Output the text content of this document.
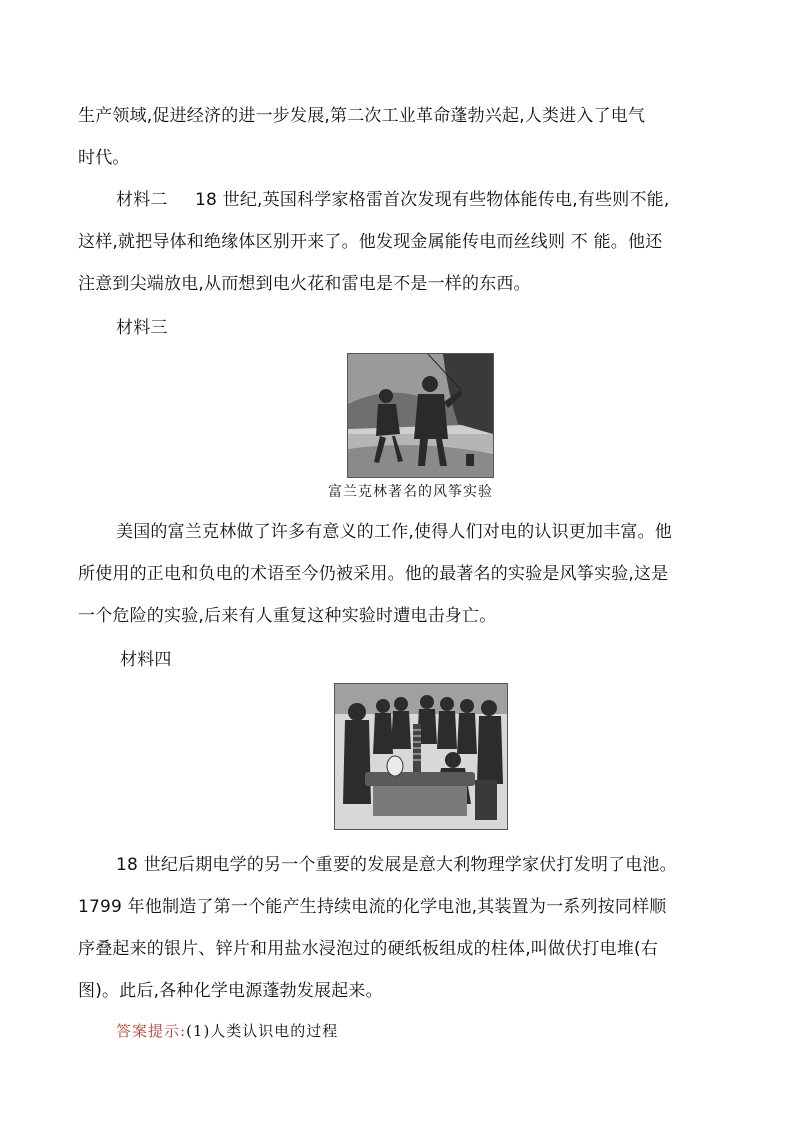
生产领域,促进经济的进一步发展,第二次工业革命蓬勃兴起,人类进入了电气
时代。
材料二 18 世纪,英国科学家格雷首次发现有些物体能传电,有些则不能,
这样,就把导体和绝缘体区别开来了。他发现金属能传电而丝线则 不 能。他还
注意到尖端放电,从而想到电火花和雷电是不是一样的东西。
材料三
富兰克林著名的风筝实验
美国的富兰克林做了许多有意义的工作,使得人们对电的认识更加丰富。他
所使用的正电和负电的术语至今仍被采用。他的最著名的实验是风筝实验,这是
一个危险的实验,后来有人重复这种实验时遭电击身亡。
材料四
18 世纪后期电学的另一个重要的发展是意大利物理学家伏打发明了电池。
1799 年他制造了第一个能产生持续电流的化学电池,其装置为一系列按同样顺
序叠起来的银片、锌片和用盐水浸泡过的硬纸板组成的柱体,叫做伏打电堆(右
图)。此后,各种化学电源蓬勃发展起来。
答案提示:(1)人类认识电的过程
